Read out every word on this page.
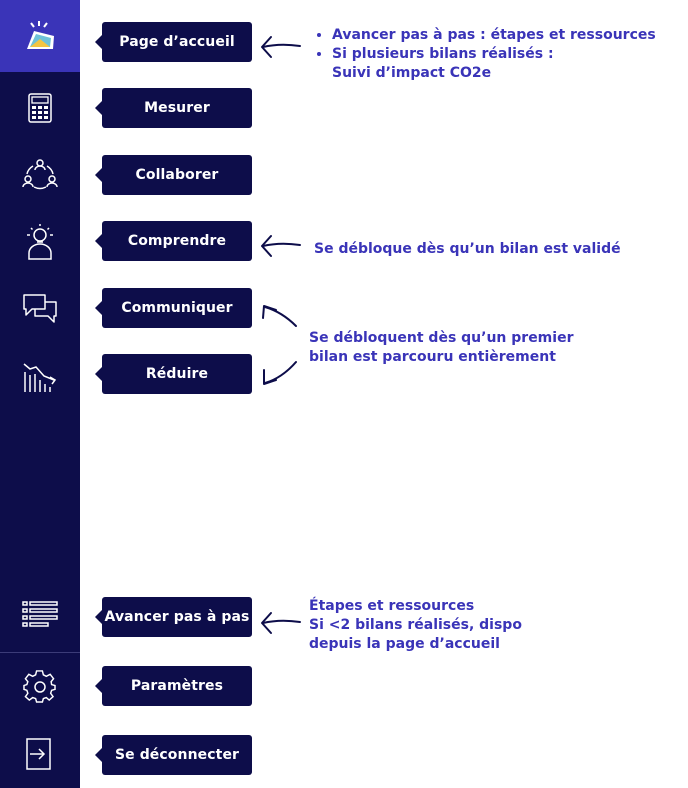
Page d’accueil
Mesurer
Collaborer
Comprendre
Communiquer
Réduire
Avancer pas à pas
Paramètres
Se déconnecter
• Avancer pas à pas : étapes et ressources
• Si plusieurs bilans réalisés :
Suivi d’impact CO2e
Se débloque dès qu’un bilan est validé
Se débloquent dès qu’un premier
bilan est parcouru entièrement
Étapes et ressources
Si <2 bilans réalisés, dispo
depuis la page d’accueil
